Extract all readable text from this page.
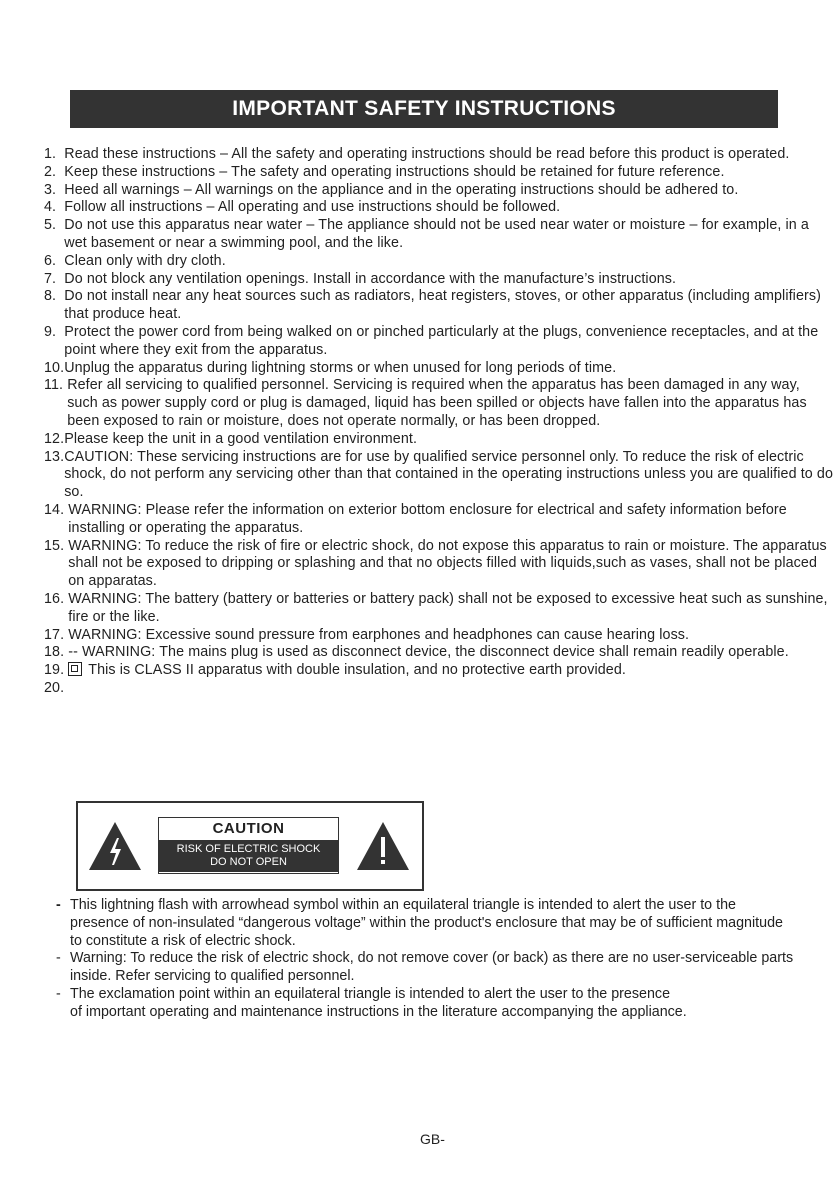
IMPORTANT SAFETY INSTRUCTIONS
1. Read these instructions – All the safety and operating instructions should be read before this product is operated.
2. Keep these instructions – The safety and operating instructions should be retained for future reference.
3. Heed all warnings – All warnings on the appliance and in the operating instructions should be adhered to.
4. Follow all instructions – All operating and use instructions should be followed.
5. Do not use this apparatus near water – The appliance should not be used near water or moisture – for example, in a wet basement or near a swimming pool, and the like.
6. Clean only with dry cloth.
7. Do not block any ventilation openings. Install in accordance with the manufacture’s instructions.
8. Do not install near any heat sources such as radiators, heat registers, stoves, or other apparatus (including amplifiers) that produce heat.
9. Protect the power cord from being walked on or pinched particularly at the plugs, convenience receptacles, and at the point where they exit from the apparatus.
10. Unplug the apparatus during lightning storms or when unused for long periods of time.
11. Refer all servicing to qualified personnel. Servicing is required when the apparatus has been damaged in any way, such as power supply cord or plug is damaged, liquid has been spilled or objects have fallen into the apparatus has been exposed to rain or moisture, does not operate normally, or has been dropped.
12. Please keep the unit in a good ventilation environment.
13. CAUTION: These servicing instructions are for use by qualified service personnel only. To reduce the risk of electric shock, do not perform any servicing other than that contained in the operating instructions unless you are qualified to do so.
14. WARNING: Please refer the information on exterior bottom enclosure for electrical and safety information before installing or operating the apparatus.
15. WARNING: To reduce the risk of fire or electric shock, do not expose this apparatus to rain or moisture. The apparatus shall not be exposed to dripping or splashing and that no objects filled with liquids,such as vases, shall not be placed on apparatas.
16. WARNING: The battery (battery or batteries or battery pack) shall not be exposed to excessive heat such as sunshine, fire or the like.
17. WARNING: Excessive sound pressure from earphones and headphones can cause hearing loss.
18. -- WARNING: The mains plug is used as disconnect device, the disconnect device shall remain readily operable.
19.	This is CLASS II apparatus with double insulation, and no protective earth provided.
20.
CAUTION
RISK OF ELECTRIC SHOCK
DO NOT OPEN
- This lightning flash with arrowhead symbol within an equilateral triangle is intended to alert the user to the presence of non-insulated “dangerous voltage” within the product's enclosure that may be of sufficient magnitude to constitute a risk of electric shock.
- Warning: To reduce the risk of electric shock, do not remove cover (or back) as there are no user-serviceable parts inside. Refer servicing to qualified personnel.
- The exclamation point within an equilateral triangle is intended to alert the user to the presence
of important operating and maintenance instructions in the literature accompanying the appliance.
GB-
